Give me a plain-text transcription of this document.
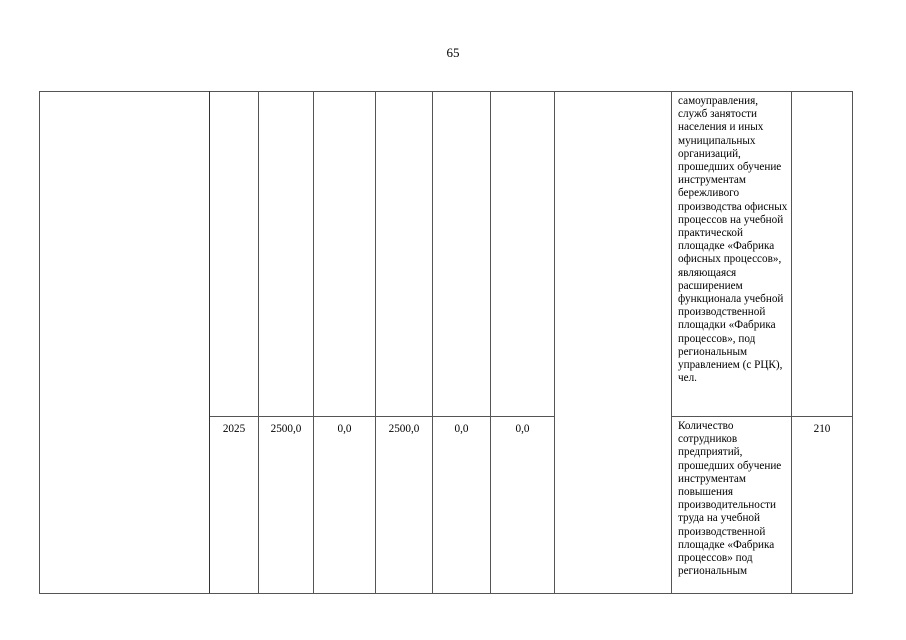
65
								самоуправления, служб занятости населения и иных муниципальных организаций, прошедших обучение инструментам бережливого производства офисных процессов на учебной практической площадке «Фабрика офисных процессов», являющаяся расширением функционала учебной производственной площадки «Фабрика процессов», под региональным управлением (с РЦК), чел.	
	2025	2500,0	0,0	2500,0	0,0	0,0		Количество сотрудников предприятий, прошедших обучение инструментам повышения производительности труда на учебной производственной площадке «Фабрика процессов» под региональным	210
